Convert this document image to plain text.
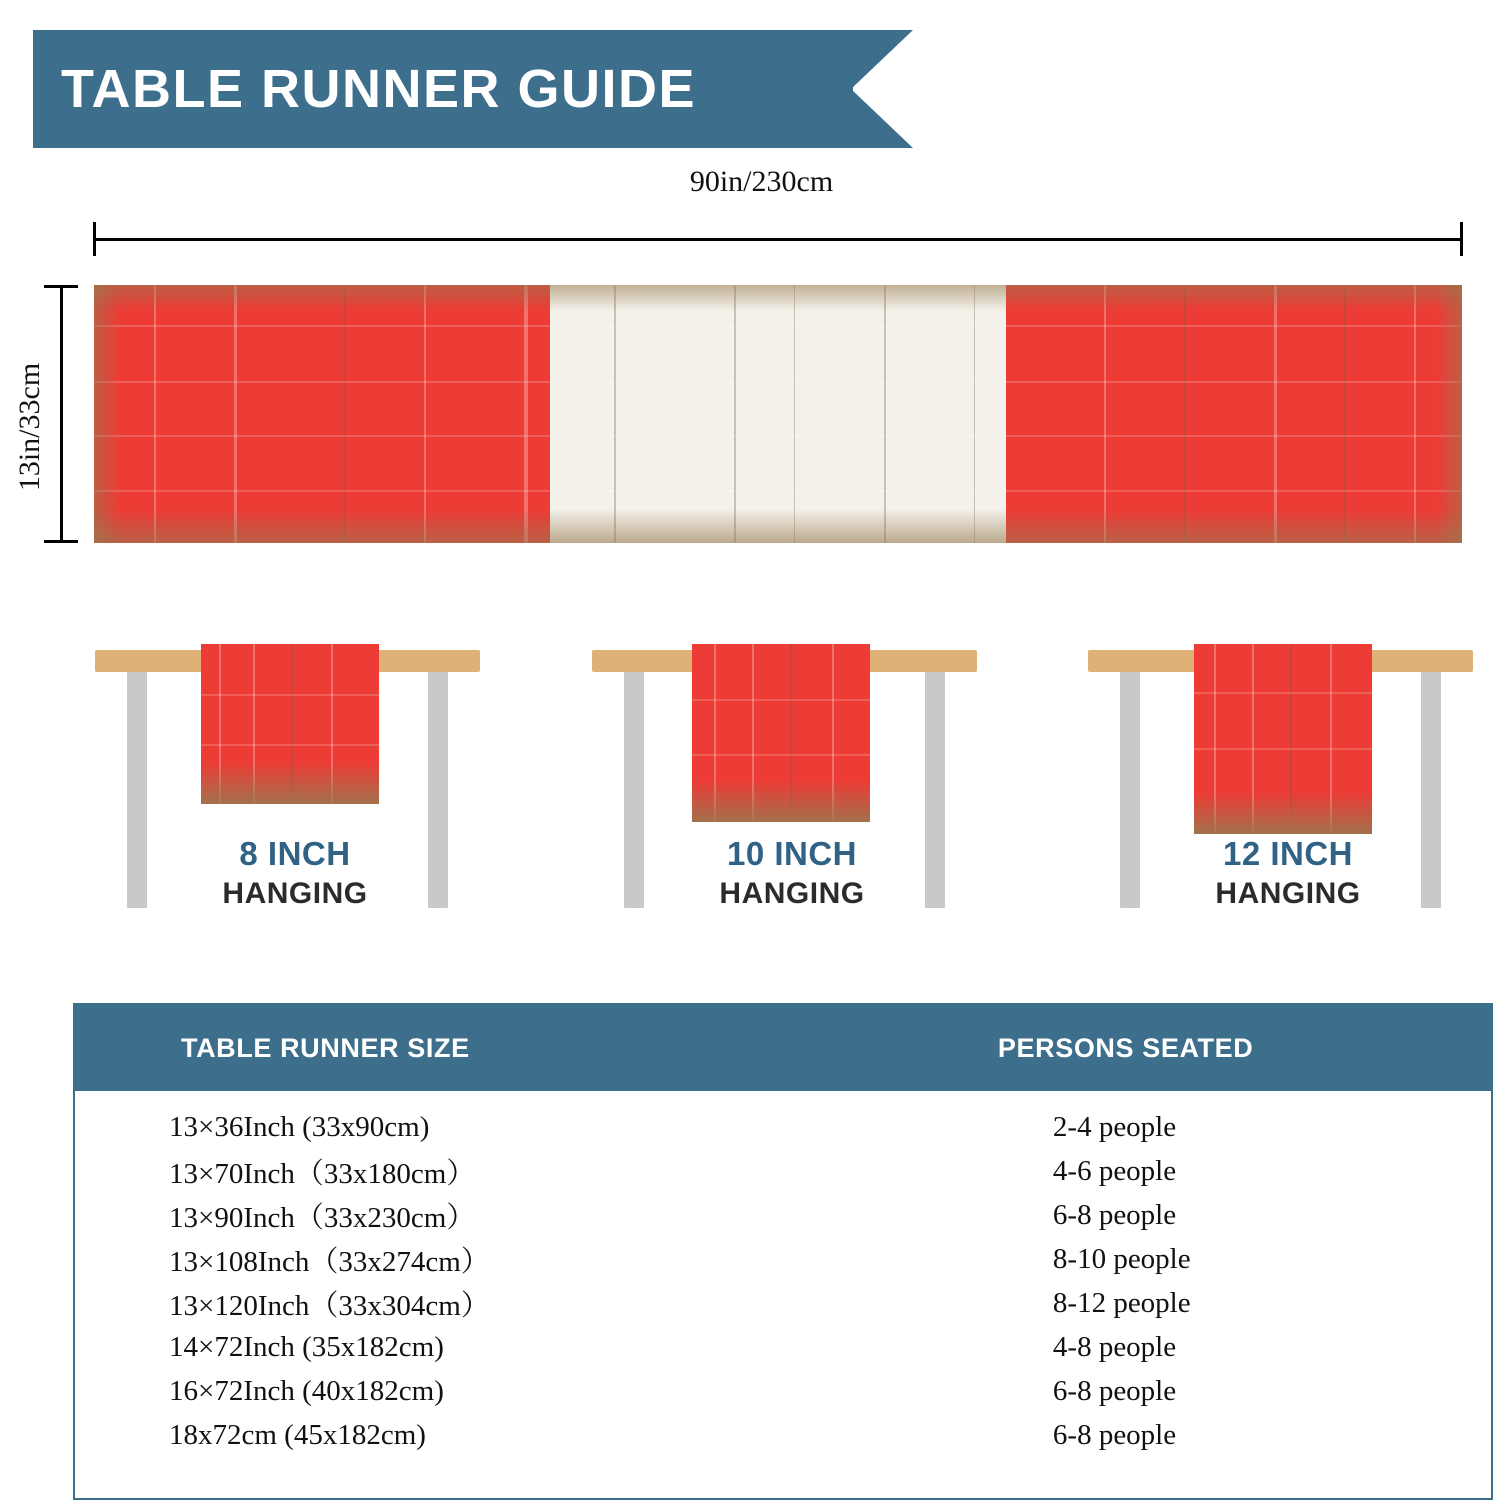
TABLE RUNNER GUIDE
90in/230cm
13in/33cm
8 INCH
HANGING
10 INCH
HANGING
12 INCH
HANGING
TABLE RUNNER SIZE	PERSONS SEATED
13×36Inch (33x90cm)	2-4 people
13×70Inch（33x180cm）	4-6 people
13×90Inch（33x230cm）	6-8 people
13×108Inch（33x274cm）	8-10 people
13×120Inch（33x304cm）	8-12 people
14×72Inch (35x182cm)	4-8 people
16×72Inch (40x182cm)	6-8 people
18x72cm (45x182cm)	6-8 people
